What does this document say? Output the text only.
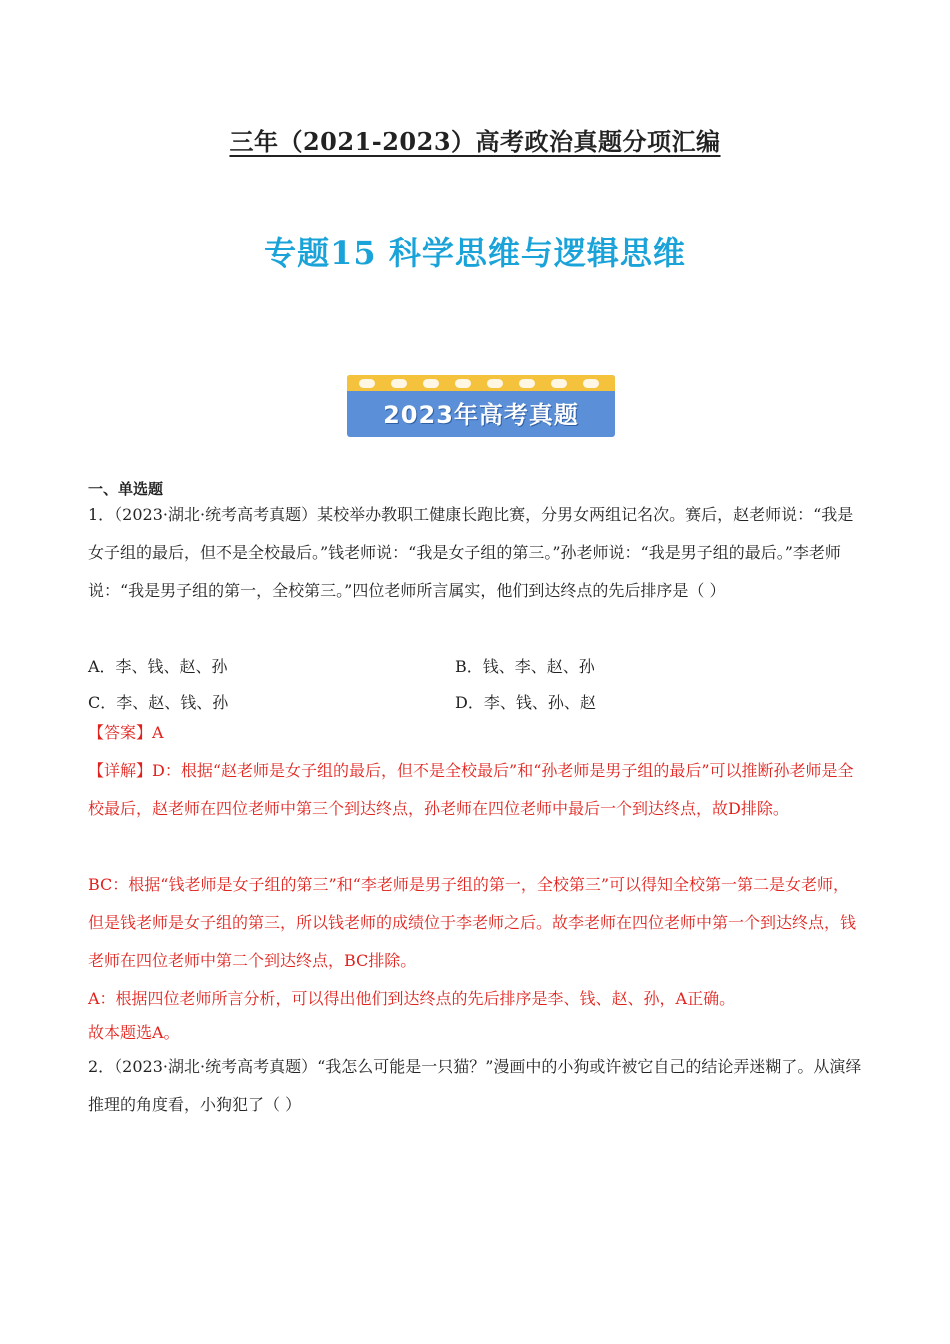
三年（2021-2023）高考政治真题分项汇编
专题15 科学思维与逻辑思维
2023年高考真题
一、单选题

1．（2023·湖北·统考高考真题）某校举办教职工健康长跑比赛，分男女两组记名次。赛后，赵老师说：“我是女子组的最后，但不是全校最后。”钱老师说：“我是女子组的第三。”孙老师说：“我是男子组的最后。”李老师说：“我是男子组的第一，全校第三。”四位老师所言属实，他们到达终点的先后排序是（ ）

A．李、钱、赵、孙	B．钱、李、赵、孙
C．李、赵、钱、孙	D．李、钱、孙、赵

【答案】A

【详解】D：根据“赵老师是女子组的最后，但不是全校最后”和“孙老师是男子组的最后”可以推断孙老师是全校最后，赵老师在四位老师中第三个到达终点，孙老师在四位老师中最后一个到达终点，故D排除。

BC：根据“钱老师是女子组的第三”和“李老师是男子组的第一，全校第三”可以得知全校第一第二是女老师，但是钱老师是女子组的第三，所以钱老师的成绩位于李老师之后。故李老师在四位老师中第一个到达终点，钱老师在四位老师中第二个到达终点，BC排除。

A：根据四位老师所言分析，可以得出他们到达终点的先后排序是李、钱、赵、孙，A正确。

故本题选A。

2．（2023·湖北·统考高考真题）“我怎么可能是一只猫？”漫画中的小狗或许被它自己的结论弄迷糊了。从演绎推理的角度看，小狗犯了（ ）
